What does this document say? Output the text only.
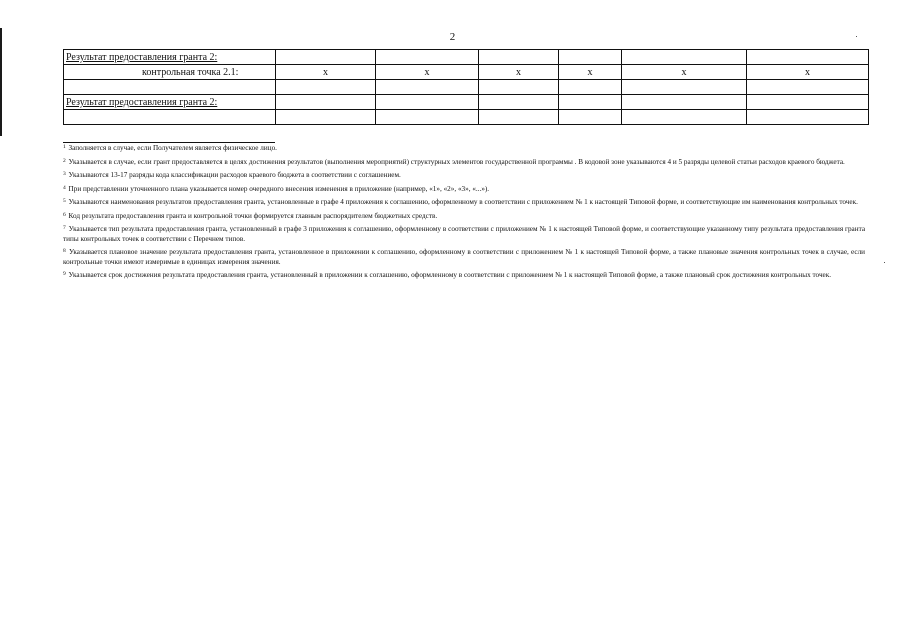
2
Результат предоставления гранта 2:						
контрольная точка 2.1:	x	x	x	x	x	x

Результат предоставления гранта 2:						

$^1$ Заполняется в случае, если Получателем является физическое лицо.
$^2$ Указывается в случае, если грант предоставляется в целях достижения результатов (выполнения мероприятий) структурных элементов государственной программы . В кодовой зоне указываются 4 и 5 разряды целевой статьи расходов краевого бюджета.
$^3$ Указываются 13-17 разряды кода классификации расходов краевого бюджета в соответствии с соглашением.
$^4$ При представлении уточненного плана указывается номер очередного внесения изменения в приложение (например, «1», «2», «3», «...»).
$^5$ Указываются наименования результатов предоставления гранта, установленные в графе 4 приложения к соглашению, оформленному в соответствии с приложением № 1 к настоящей Типовой форме, и соответствующие им наименования контрольных точек.
$^6$ Код результата предоставления гранта и контрольной точки формируется главным распорядителем бюджетных средств.
$^7$ Указывается тип результата предоставления гранта, установленный в графе 3 приложения к соглашению, оформленному в соответствии с приложением № 1 к настоящей Типовой форме, и соответствующие указанному типу результата предоставления гранта типы контрольных точек в соответствии с Перечнем типов.
$^8$ Указывается плановое значение результата предоставления гранта, установленное в приложении к соглашению, оформленному в соответствии с приложением № 1 к настоящей Типовой форме, а также плановые значения контрольных точек в случае, если контрольные точки имеют измеримые в единицах измерения значения.
$^9$ Указывается срок достижения результата предоставления гранта, установленный в приложении к соглашению, оформленному в соответствии с приложением № 1 к настоящей Типовой форме, а также плановый срок достижения контрольных точек.
